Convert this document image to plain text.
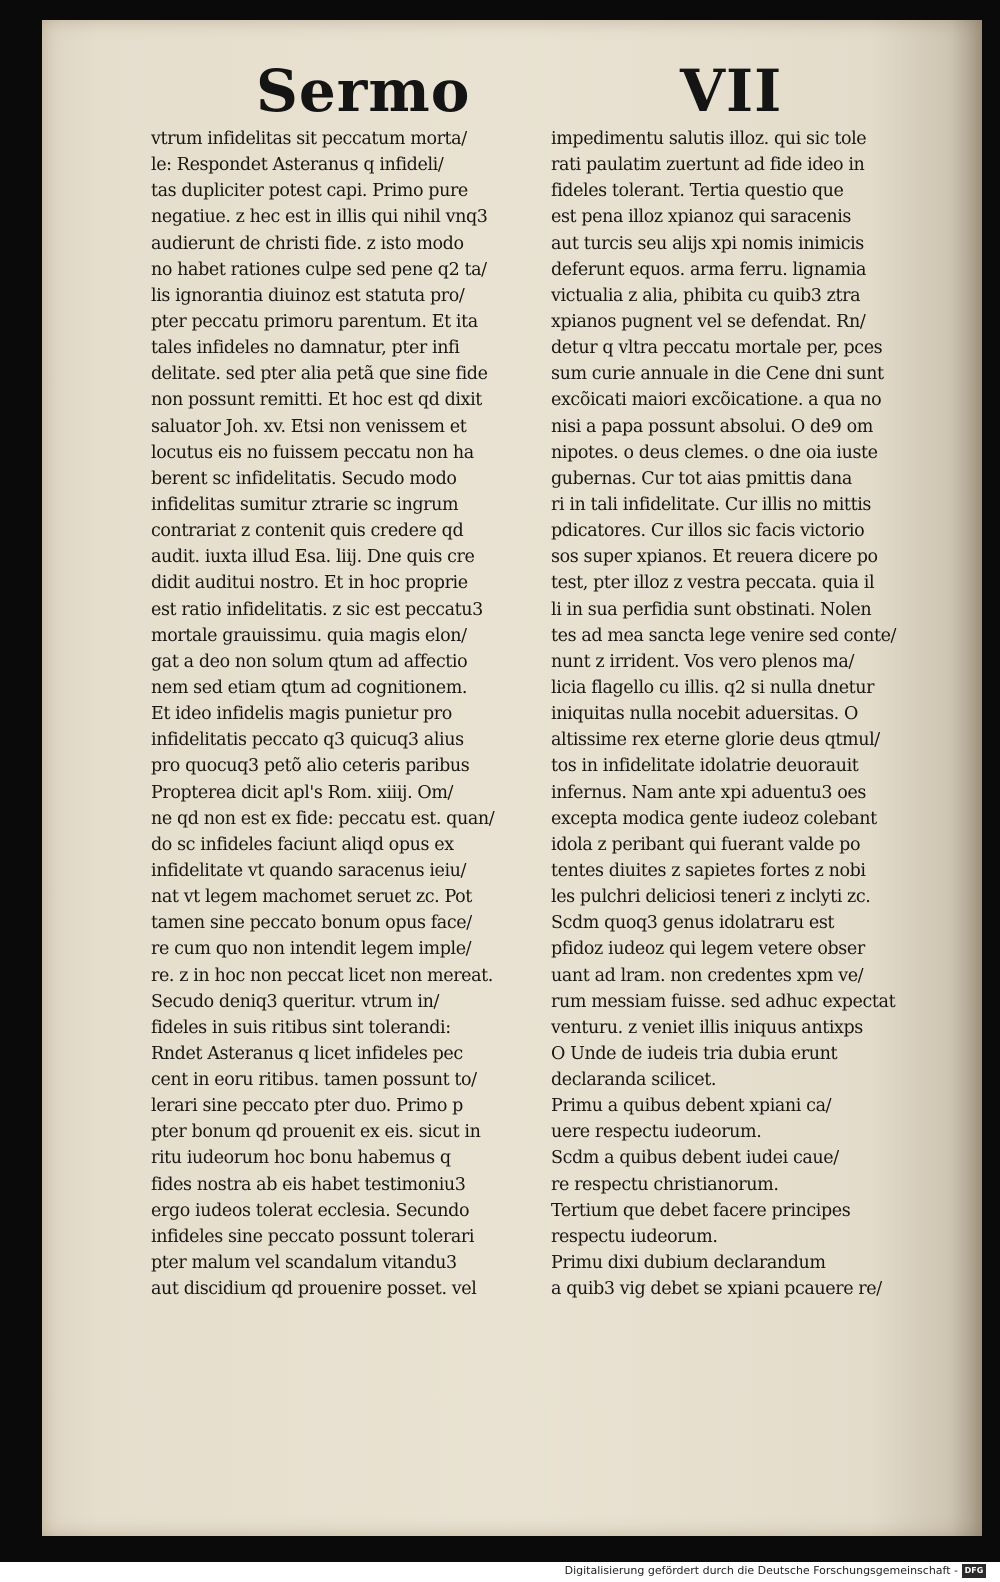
Sermo	VII
vtrum infidelitas sit peccatum morta/
le: Respondet Asteranus q infideli/
tas dupliciter potest capi. Primo pure
negatiue. z hec est in illis qui nihil vnq3
audierunt de christi fide. z isto modo
no habet rationes culpe sed pene q2 ta/
lis ignorantia diuinoz est statuta pro/
pter peccatu primoru parentum. Et ita
tales infideles no damnatur, pter infi
delitate. sed pter alia petã que sine fide
non possunt remitti. Et hoc est qd dixit
saluator Joh. xv. Etsi non venissem et
locutus eis no fuissem peccatu non ha
berent sc infidelitatis. Secudo modo
infidelitas sumitur ztrarie sc ingrum
contrariat z contenit quis credere qd
audit. iuxta illud Esa. liij. Dne quis cre
didit auditui nostro. Et in hoc proprie
est ratio infidelitatis. z sic est peccatu3
mortale grauissimu. quia magis elon/
gat a deo non solum qtum ad affectio
nem sed etiam qtum ad cognitionem.
Et ideo infidelis magis punietur pro
infidelitatis peccato q3 quicuq3 alius
pro quocuq3 petõ alio ceteris paribus
Propterea dicit apl's Rom. xiiij. Om/
ne qd non est ex fide: peccatu est. quan/
do sc infideles faciunt aliqd opus ex
infidelitate vt quando saracenus ieiu/
nat vt legem machomet seruet zc. Pot
tamen sine peccato bonum opus face/
re cum quo non intendit legem imple/
re. z in hoc non peccat licet non mereat.
Secudo deniq3 queritur. vtrum in/
fideles in suis ritibus sint tolerandi:
Rndet Asteranus q licet infideles pec
cent in eoru ritibus. tamen possunt to/
lerari sine peccato pter duo. Primo p
pter bonum qd prouenit ex eis. sicut in
ritu iudeorum hoc bonu habemus q
fides nostra ab eis habet testimoniu3
ergo iudeos tolerat ecclesia. Secundo
infideles sine peccato possunt tolerari
pter malum vel scandalum vitandu3
aut discidium qd prouenire posset. vel
impedimentu salutis illoz. qui sic tole
rati paulatim zuertunt ad fide ideo in
fideles tolerant. Tertia questio que
est pena illoz xpianoz qui saracenis
aut turcis seu alijs xpi nomis inimicis
deferunt equos. arma ferru. lignamia
victualia z alia, phibita cu quib3 ztra
xpianos pugnent vel se defendat. Rn/
detur q vltra peccatu mortale per, pces
sum curie annuale in die Cene dni sunt
excõicati maiori excõicatione. a qua no
nisi a papa possunt absolui. O de9 om
nipotes. o deus clemes. o dne oia iuste
gubernas. Cur tot aias pmittis dana
ri in tali infidelitate. Cur illis no mittis
pdicatores. Cur illos sic facis victorio
sos super xpianos. Et reuera dicere po
test, pter illoz z vestra peccata. quia il
li in sua perfidia sunt obstinati. Nolen
tes ad mea sancta lege venire sed conte/
nunt z irrident. Vos vero plenos ma/
licia flagello cu illis. q2 si nulla dnetur
iniquitas nulla nocebit aduersitas. O
altissime rex eterne glorie deus qtmul/
tos in infidelitate idolatrie deuorauit
infernus. Nam ante xpi aduentu3 oes
excepta modica gente iudeoz colebant
idola z peribant qui fuerant valde po
tentes diuites z sapietes fortes z nobi
les pulchri deliciosi teneri z inclyti zc.
Scdm quoq3 genus idolatraru est
pfidoz iudeoz qui legem vetere obser
uant ad lram. non credentes xpm ve/
rum messiam fuisse. sed adhuc expectat
venturu. z veniet illis iniquus antixps
O Unde de iudeis tria dubia erunt
declaranda scilicet.
Primu a quibus debent xpiani ca/
uere respectu iudeorum.
Scdm a quibus debent iudei caue/
re respectu christianorum.
Tertium que debet facere principes
respectu iudeorum.
Primu dixi dubium declarandum
a quib3 vig debet se xpiani pcauere re/
Digitalisierung gefördert durch die Deutsche Forschungsgemeinschaft - DFG
